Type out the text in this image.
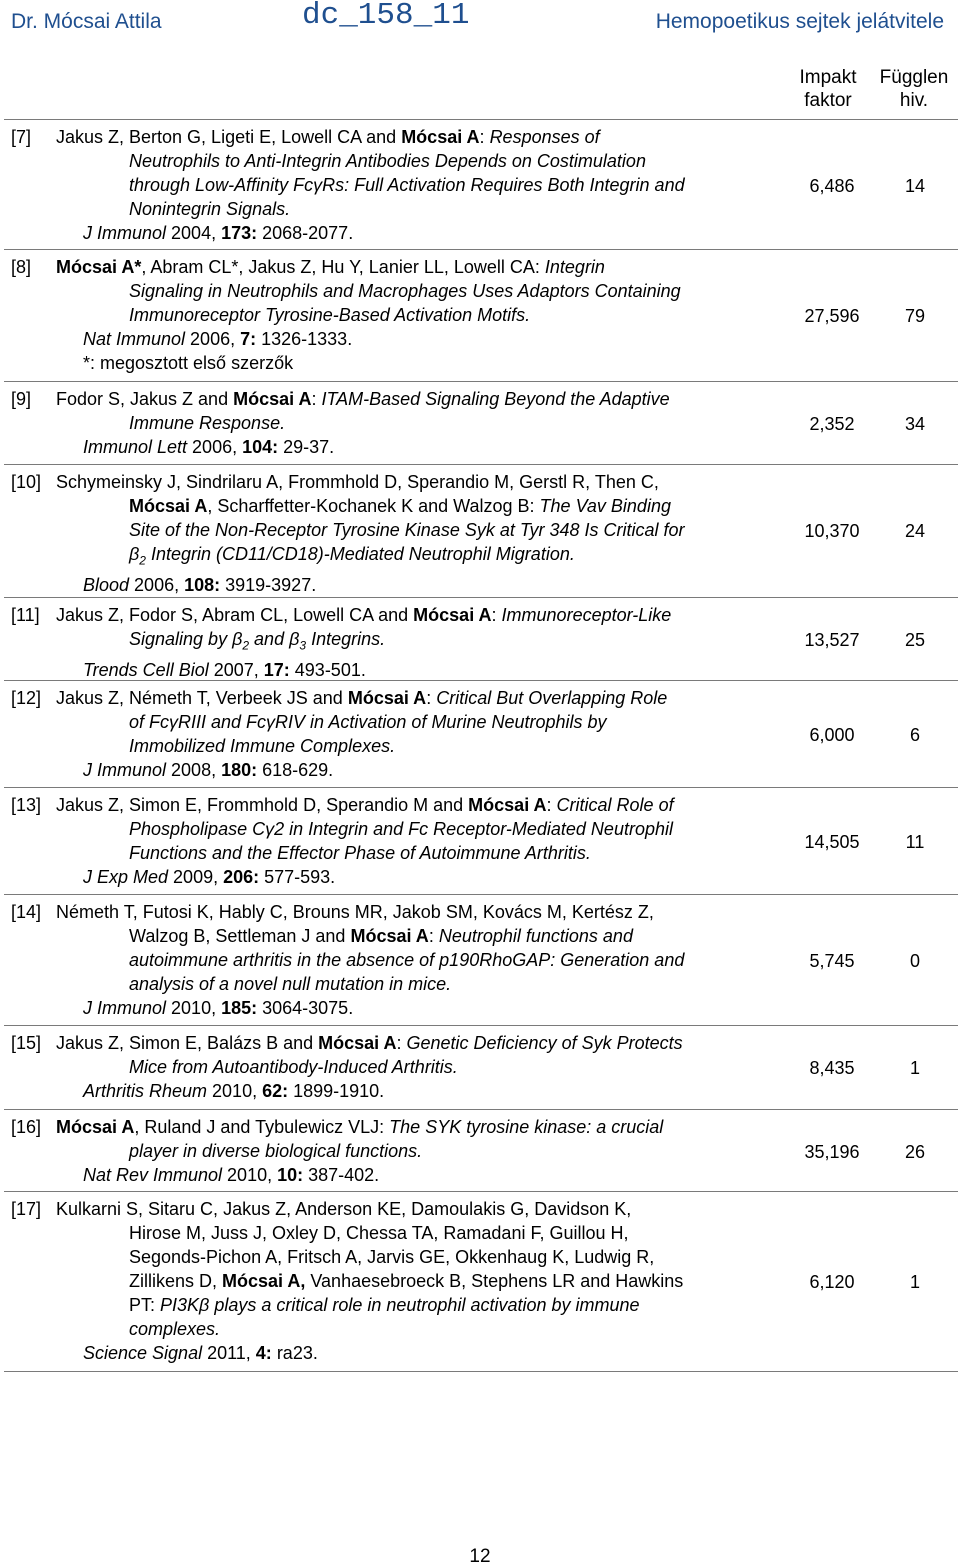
Dr. Mócsai Attila	dc_158_11	Hemopoetikus sejtek jelátvitele
Impakt
faktor
Függlen
hiv.
[7] Jakus Z, Berton G, Ligeti E, Lowell CA and Mócsai A: Responses of
Neutrophils to Anti-Integrin Antibodies Depends on Costimulation
through Low-Affinity FcγRs: Full Activation Requires Both Integrin and
Nonintegrin Signals.
J Immunol 2004, 173: 2068-2077.
6,486	14
[8] Mócsai A*, Abram CL*, Jakus Z, Hu Y, Lanier LL, Lowell CA: Integrin
Signaling in Neutrophils and Macrophages Uses Adaptors Containing
Immunoreceptor Tyrosine-Based Activation Motifs.
Nat Immunol 2006, 7: 1326-1333.
*: megosztott első szerzők
27,596	79
[9] Fodor S, Jakus Z and Mócsai A: ITAM-Based Signaling Beyond the Adaptive
Immune Response.
Immunol Lett 2006, 104: 29-37.
2,352	34
[10] Schymeinsky J, Sindrilaru A, Frommhold D, Sperandio M, Gerstl R, Then C,
Mócsai A, Scharffetter-Kochanek K and Walzog B: The Vav Binding
Site of the Non-Receptor Tyrosine Kinase Syk at Tyr 348 Is Critical for
$\beta_2$ Integrin (CD11/CD18)-Mediated Neutrophil Migration.
Blood 2006, 108: 3919-3927.
10,370	24
[11] Jakus Z, Fodor S, Abram CL, Lowell CA and Mócsai A: Immunoreceptor-Like
Signaling by $\beta_2$ and $\beta_3$ Integrins.
Trends Cell Biol 2007, 17: 493-501.
13,527	25
[12] Jakus Z, Németh T, Verbeek JS and Mócsai A: Critical But Overlapping Role
of FcγRIII and FcγRIV in Activation of Murine Neutrophils by
Immobilized Immune Complexes.
J Immunol 2008, 180: 618-629.
6,000	6
[13] Jakus Z, Simon E, Frommhold D, Sperandio M and Mócsai A: Critical Role of
Phospholipase Cγ2 in Integrin and Fc Receptor-Mediated Neutrophil
Functions and the Effector Phase of Autoimmune Arthritis.
J Exp Med 2009, 206: 577-593.
14,505	11
[14] Németh T, Futosi K, Hably C, Brouns MR, Jakob SM, Kovács M, Kertész Z,
Walzog B, Settleman J and Mócsai A: Neutrophil functions and
autoimmune arthritis in the absence of p190RhoGAP: Generation and
analysis of a novel null mutation in mice.
J Immunol 2010, 185: 3064-3075.
5,745	0
[15] Jakus Z, Simon E, Balázs B and Mócsai A: Genetic Deficiency of Syk Protects
Mice from Autoantibody-Induced Arthritis.
Arthritis Rheum 2010, 62: 1899-1910.
8,435	1
[16] Mócsai A, Ruland J and Tybulewicz VLJ: The SYK tyrosine kinase: a crucial
player in diverse biological functions.
Nat Rev Immunol 2010, 10: 387-402.
35,196	26
[17] Kulkarni S, Sitaru C, Jakus Z, Anderson KE, Damoulakis G, Davidson K,
Hirose M, Juss J, Oxley D, Chessa TA, Ramadani F, Guillou H,
Segonds-Pichon A, Fritsch A, Jarvis GE, Okkenhaug K, Ludwig R,
Zillikens D, Mócsai A, Vanhaesebroeck B, Stephens LR and Hawkins
PT: PI3Kβ plays a critical role in neutrophil activation by immune
complexes.
Science Signal 2011, 4: ra23.
6,120	1
12
